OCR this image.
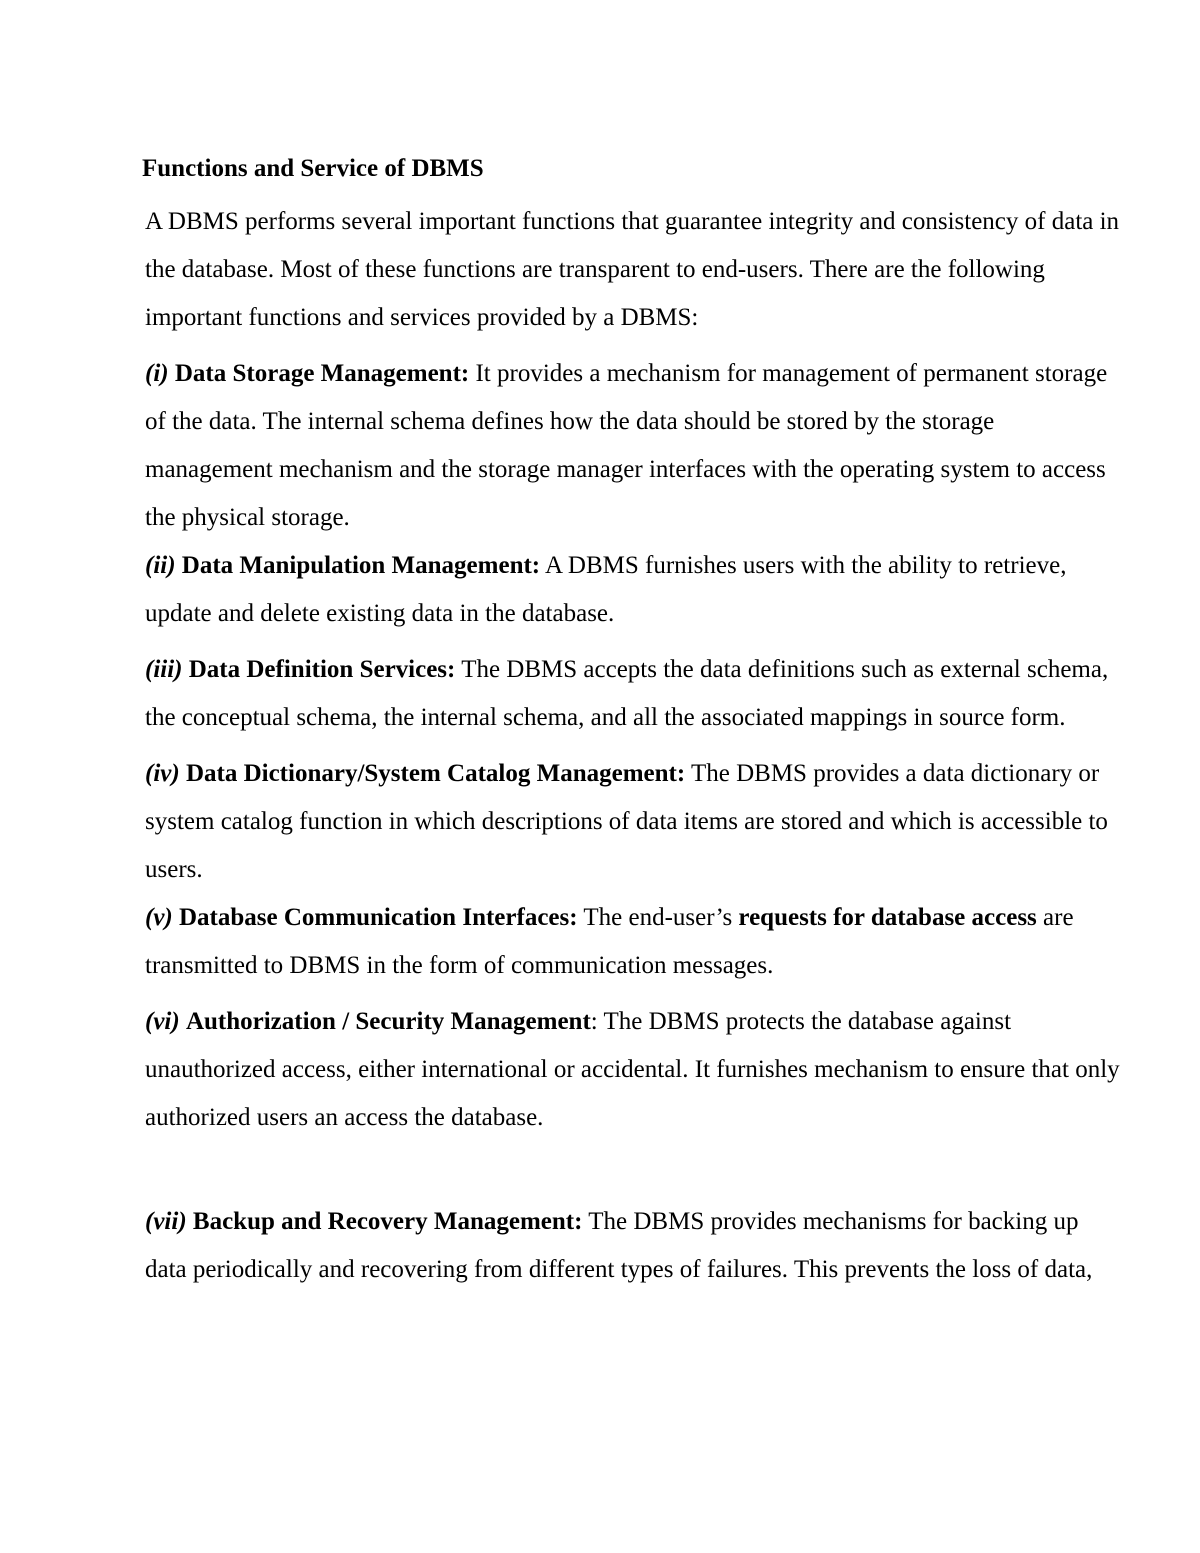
Functions and Service of DBMS

A DBMS performs several important functions that guarantee integrity and consistency of data in the database. Most of these functions are transparent to end-users. There are the following important functions and services provided by a DBMS:

(i) Data Storage Management: It provides a mechanism for management of permanent storage of the data. The internal schema defines how the data should be stored by the storage management mechanism and the storage manager interfaces with the operating system to access the physical storage.

(ii) Data Manipulation Management: A DBMS furnishes users with the ability to retrieve, update and delete existing data in the database.

(iii) Data Definition Services: The DBMS accepts the data definitions such as external schema, the conceptual schema, the internal schema, and all the associated mappings in source form.

(iv) Data Dictionary/System Catalog Management: The DBMS provides a data dictionary or system catalog function in which descriptions of data items are stored and which is accessible to users.

(v) Database Communication Interfaces: The end-user’s requests for database access are transmitted to DBMS in the form of communication messages.

(vi) Authorization / Security Management: The DBMS protects the database against unauthorized access, either international or accidental. It furnishes mechanism to ensure that only authorized users an access the database.

(vii) Backup and Recovery Management: The DBMS provides mechanisms for backing up data periodically and recovering from different types of failures. This prevents the loss of data,
